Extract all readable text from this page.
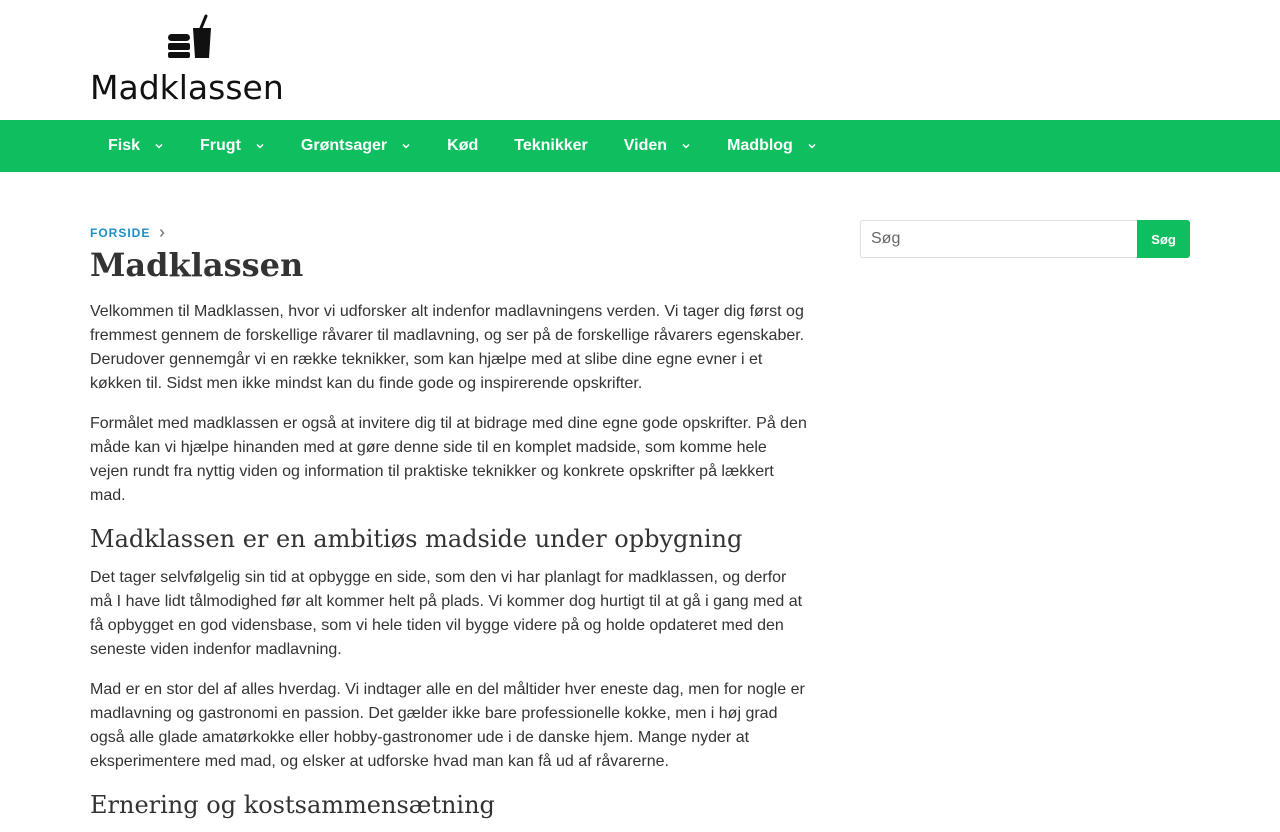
Madklassen
Fisk	Frugt	Grøntsager	Kød Teknikker Viden	Madblog
FORSIDE
Madklassen

Velkommen til Madklassen, hvor vi udforsker alt indenfor madlavningens verden. Vi tager dig først og fremmest gennem de forskellige råvarer til madlavning, og ser på de forskellige råvarers egenskaber. Derudover gennemgår vi en række teknikker, som kan hjælpe med at slibe dine egne evner i et køkken til. Sidst men ikke mindst kan du finde gode og inspirerende opskrifter.

Formålet med madklassen er også at invitere dig til at bidrage med dine egne gode opskrifter. På den måde kan vi hjælpe hinanden med at gøre denne side til en komplet madside, som komme hele vejen rundt fra nyttig viden og information til praktiske teknikker og konkrete opskrifter på lækkert mad.

Madklassen er en ambitiøs madside under opbygning

Det tager selvfølgelig sin tid at opbygge en side, som den vi har planlagt for madklassen, og derfor må I have lidt tålmodighed før alt kommer helt på plads. Vi kommer dog hurtigt til at gå i gang med at få opbygget en god vidensbase, som vi hele tiden vil bygge videre på og holde opdateret med den seneste viden indenfor madlavning.

Mad er en stor del af alles hverdag. Vi indtager alle en del måltider hver eneste dag, men for nogle er madlavning og gastronomi en passion. Det gælder ikke bare professionelle kokke, men i høj grad også alle glade amatørkokke eller hobby-gastronomer ude i de danske hjem. Mange nyder at eksperimentere med mad, og elsker at udforske hvad man kan få ud af råvarerne.

Ernering og kostsammensætning
Søg
Søg
